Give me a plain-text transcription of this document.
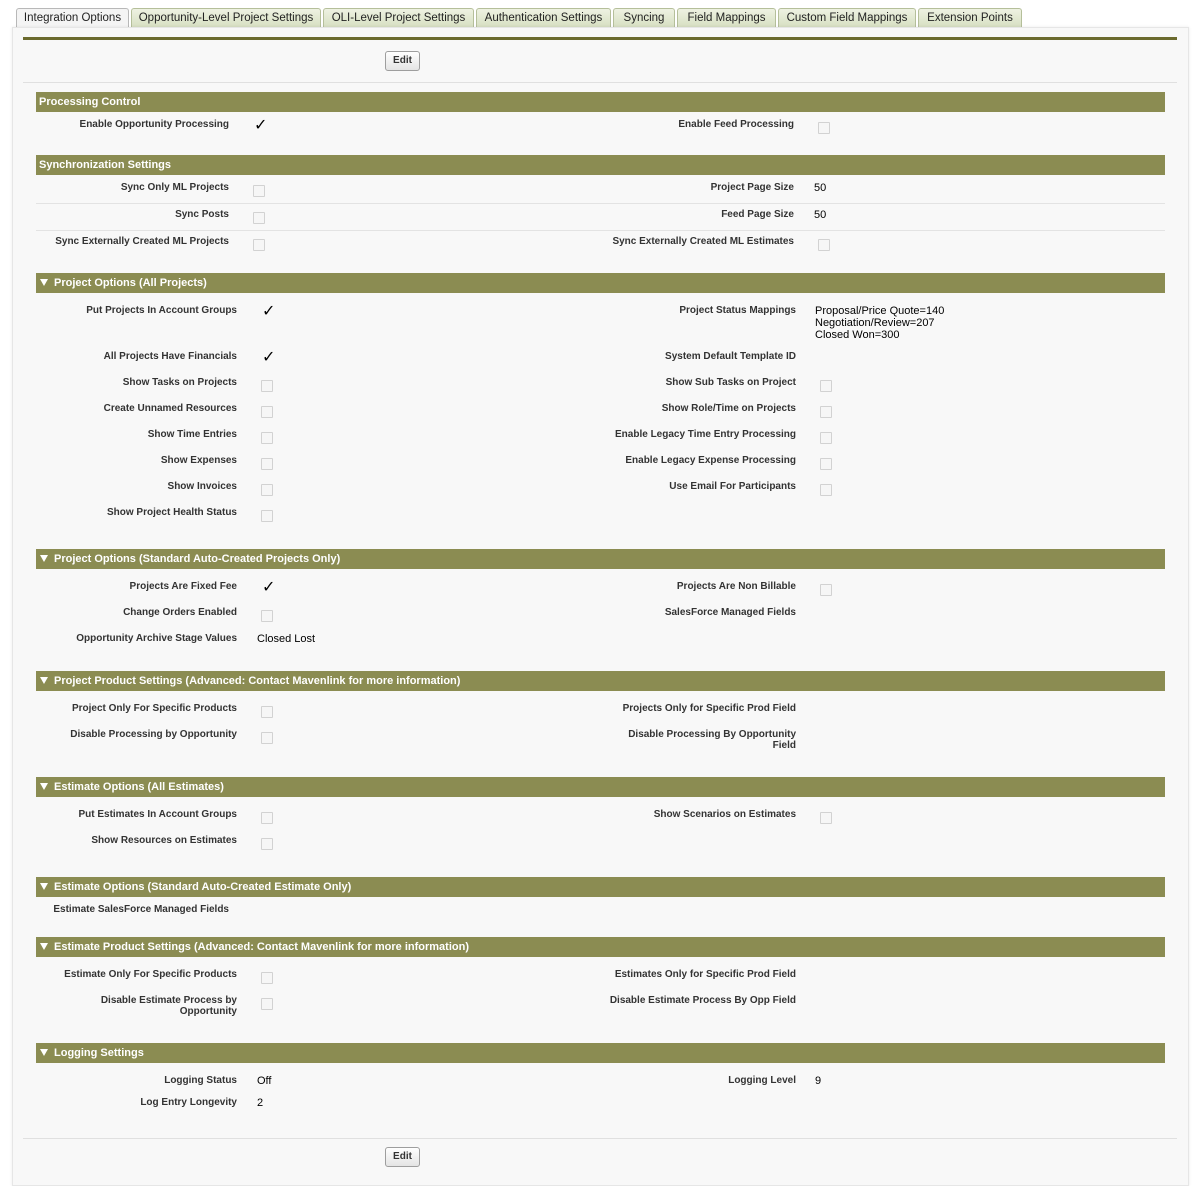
Integration Options	Opportunity-Level Project Settings	OLI-Level Project Settings	Authentication Settings	Syncing	Field Mappings	Custom Field Mappings	Extension Points
Edit
Processing Control
Enable Opportunity Processing ✓	Enable Feed Processing
Synchronization Settings
Sync Only ML Projects	Project Page Size 50
Sync Posts	Feed Page Size 50
Sync Externally Created ML Projects	Sync Externally Created ML Estimates
Project Options (All Projects)
Put Projects In Account Groups ✓	Project Status Mappings Proposal/Price Quote=140
Negotiation/Review=207
Closed Won=300
All Projects Have Financials ✓	System Default Template ID
Show Tasks on Projects	Show Sub Tasks on Project
Create Unnamed Resources	Show Role/Time on Projects
Show Time Entries	Enable Legacy Time Entry Processing
Show Expenses	Enable Legacy Expense Processing
Show Invoices	Use Email For Participants
Show Project Health Status
Project Options (Standard Auto-Created Projects Only)
Projects Are Fixed Fee ✓	Projects Are Non Billable
Change Orders Enabled	SalesForce Managed Fields
Opportunity Archive Stage Values Closed Lost
Project Product Settings (Advanced: Contact Mavenlink for more information)
Project Only For Specific Products	Projects Only for Specific Prod Field
Disable Processing by Opportunity	Disable Processing By Opportunity
Field
Estimate Options (All Estimates)
Put Estimates In Account Groups	Show Scenarios on Estimates
Show Resources on Estimates
Estimate Options (Standard Auto-Created Estimate Only)
Estimate SalesForce Managed Fields
Estimate Product Settings (Advanced: Contact Mavenlink for more information)
Estimate Only For Specific Products	Estimates Only for Specific Prod Field
Disable Estimate Process by
Opportunity
Disable Estimate Process By Opp Field
Logging Settings
Logging Status Off	Logging Level 9
Log Entry Longevity 2
Edit
